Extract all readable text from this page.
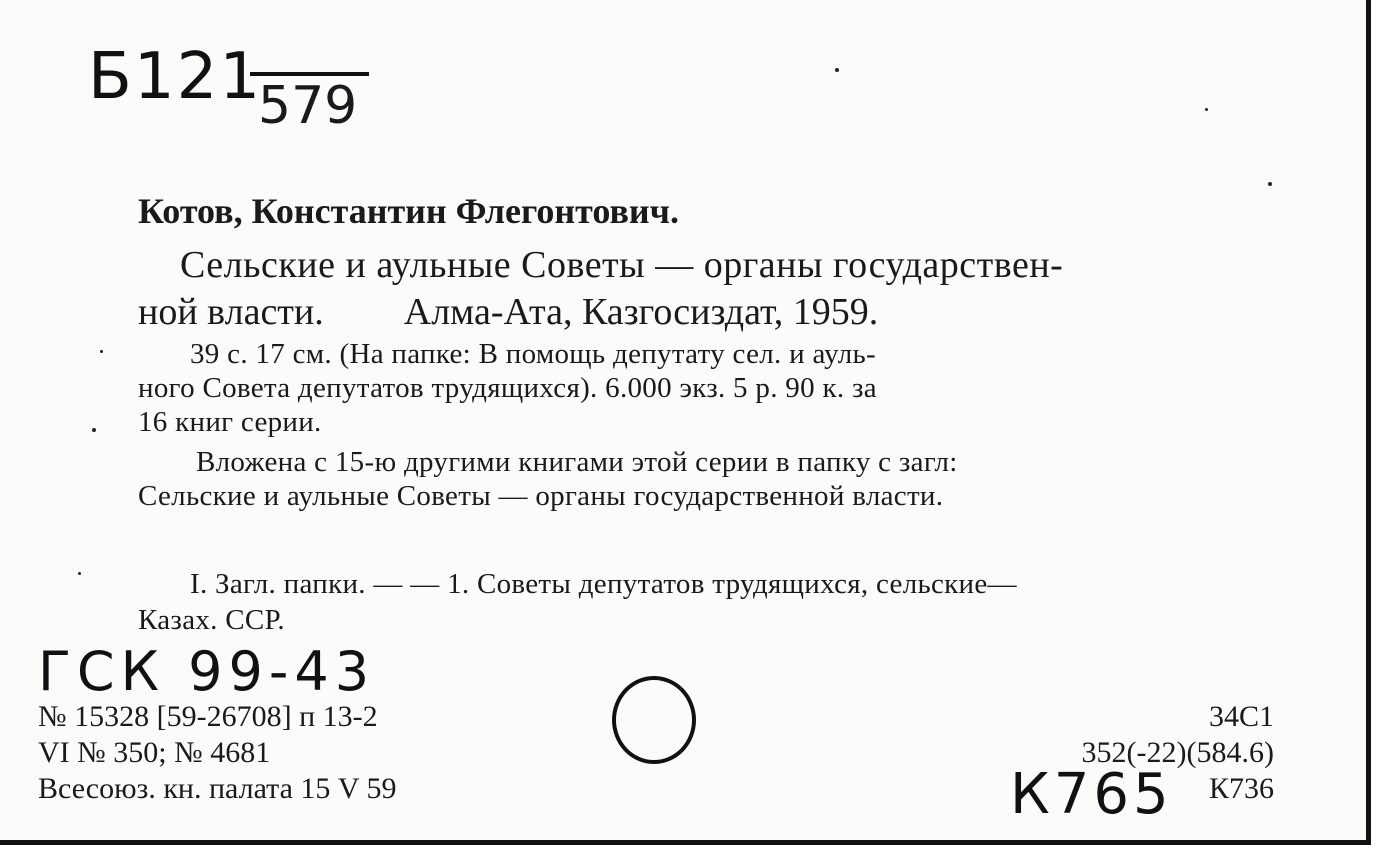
Б121
579
Котов, Константин Флегонтович.
Сельские и аульные Советы — органы государствен-
ной власти. Алма-Ата, Казгосиздат, 1959.
39 с. 17 см. (На папке: В помощь депутату сел. и ауль-
ного Совета депутатов трудящихся). 6.000 экз. 5 р. 90 к. за
16 книг серии.
Вложена с 15-ю другими книгами этой серии в папку с загл:
Сельские и аульные Советы — органы государственной власти.
I. Загл. папки. — — 1. Советы депутатов трудящихся, сельские—
Казах. ССР.
ГСК 99-43
№ 15328 [59-26708] п 13-2
VI № 350; № 4681
Всесоюз. кн. палата 15 V 59
34С1
352(-22)(584.6)
К736
К765
